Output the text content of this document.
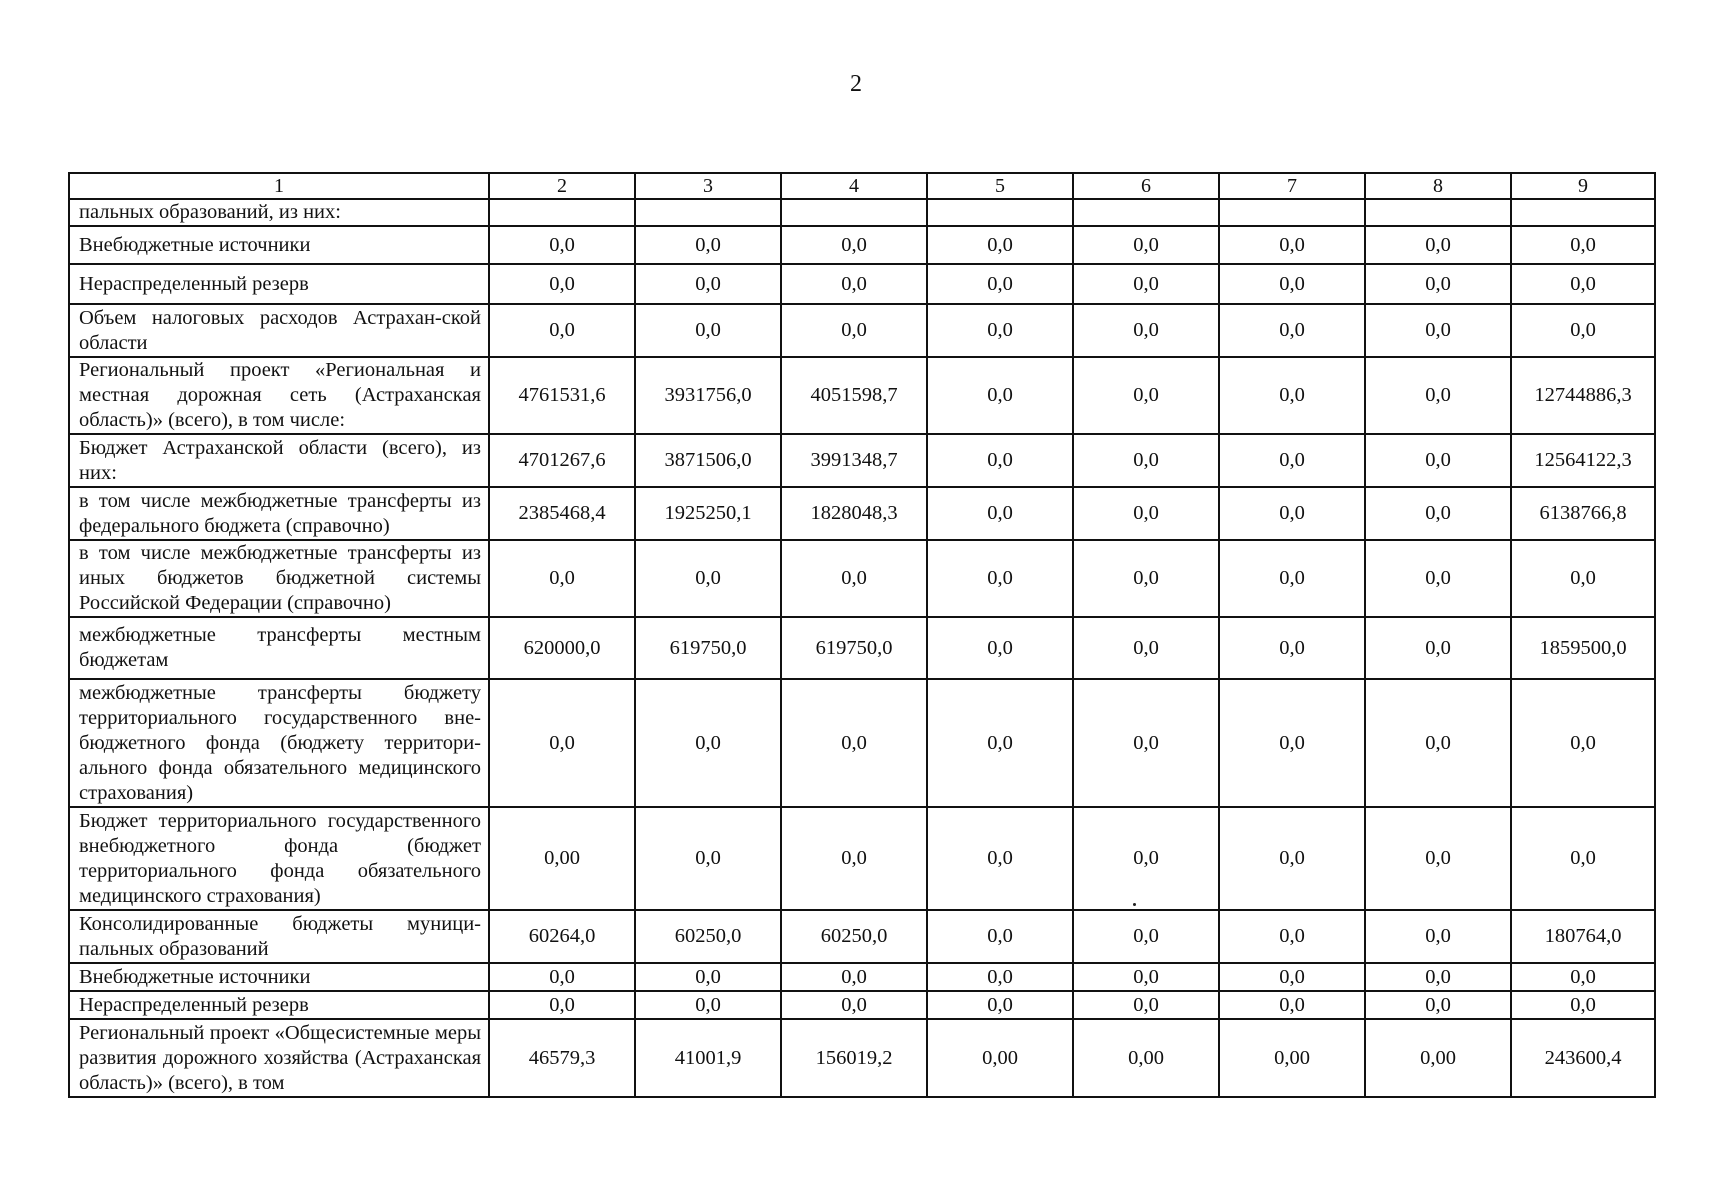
2
1	2	3	4	5	6	7	8	9
пальных образований, из них:								
Внебюджетные источники	0,0	0,0	0,0	0,0	0,0	0,0	0,0	0,0
Нераспределенный резерв	0,0	0,0	0,0	0,0	0,0	0,0	0,0	0,0
Объем налоговых расходов Астрахан-ской области	0,0	0,0	0,0	0,0	0,0	0,0	0,0	0,0
Региональный проект «Региональная и местная дорожная сеть (Астраханская область)» (всего), в том числе:	4761531,6	3931756,0	4051598,7	0,0	0,0	0,0	0,0	12744886,3
Бюджет Астраханской области (всего), из них:	4701267,6	3871506,0	3991348,7	0,0	0,0	0,0	0,0	12564122,3
в том числе межбюджетные трансферты из федерального бюджета (справочно)	2385468,4	1925250,1	1828048,3	0,0	0,0	0,0	0,0	6138766,8
в том числе межбюджетные трансферты из иных бюджетов бюджетной системы Российской Федерации (справочно)	0,0	0,0	0,0	0,0	0,0	0,0	0,0	0,0
межбюджетные трансферты местным бюджетам	620000,0	619750,0	619750,0	0,0	0,0	0,0	0,0	1859500,0
межбюджетные трансферты бюджету территориального государственного внебюджетного фонда (бюджету территориального фонда обязательного медицинского страхования)	0,0	0,0	0,0	0,0	0,0	0,0	0,0	0,0
Бюджет территориального государственного внебюджетного фонда (бюджет территориального фонда обязательного медицинского страхования)	0,00	0,0	0,0	0,0	0,0	0,0	0,0	0,0
Консолидированные бюджеты муниципальных образований	60264,0	60250,0	60250,0	0,0	0,0	0,0	0,0	180764,0
Внебюджетные источники	0,0	0,0	0,0	0,0	0,0	0,0	0,0	0,0
Нераспределенный резерв	0,0	0,0	0,0	0,0	0,0	0,0	0,0	0,0
Региональный проект «Общесистемные меры развития дорожного хозяйства (Астраханская область)» (всего), в том	46579,3	41001,9	156019,2	0,00	0,00	0,00	0,00	243600,4
